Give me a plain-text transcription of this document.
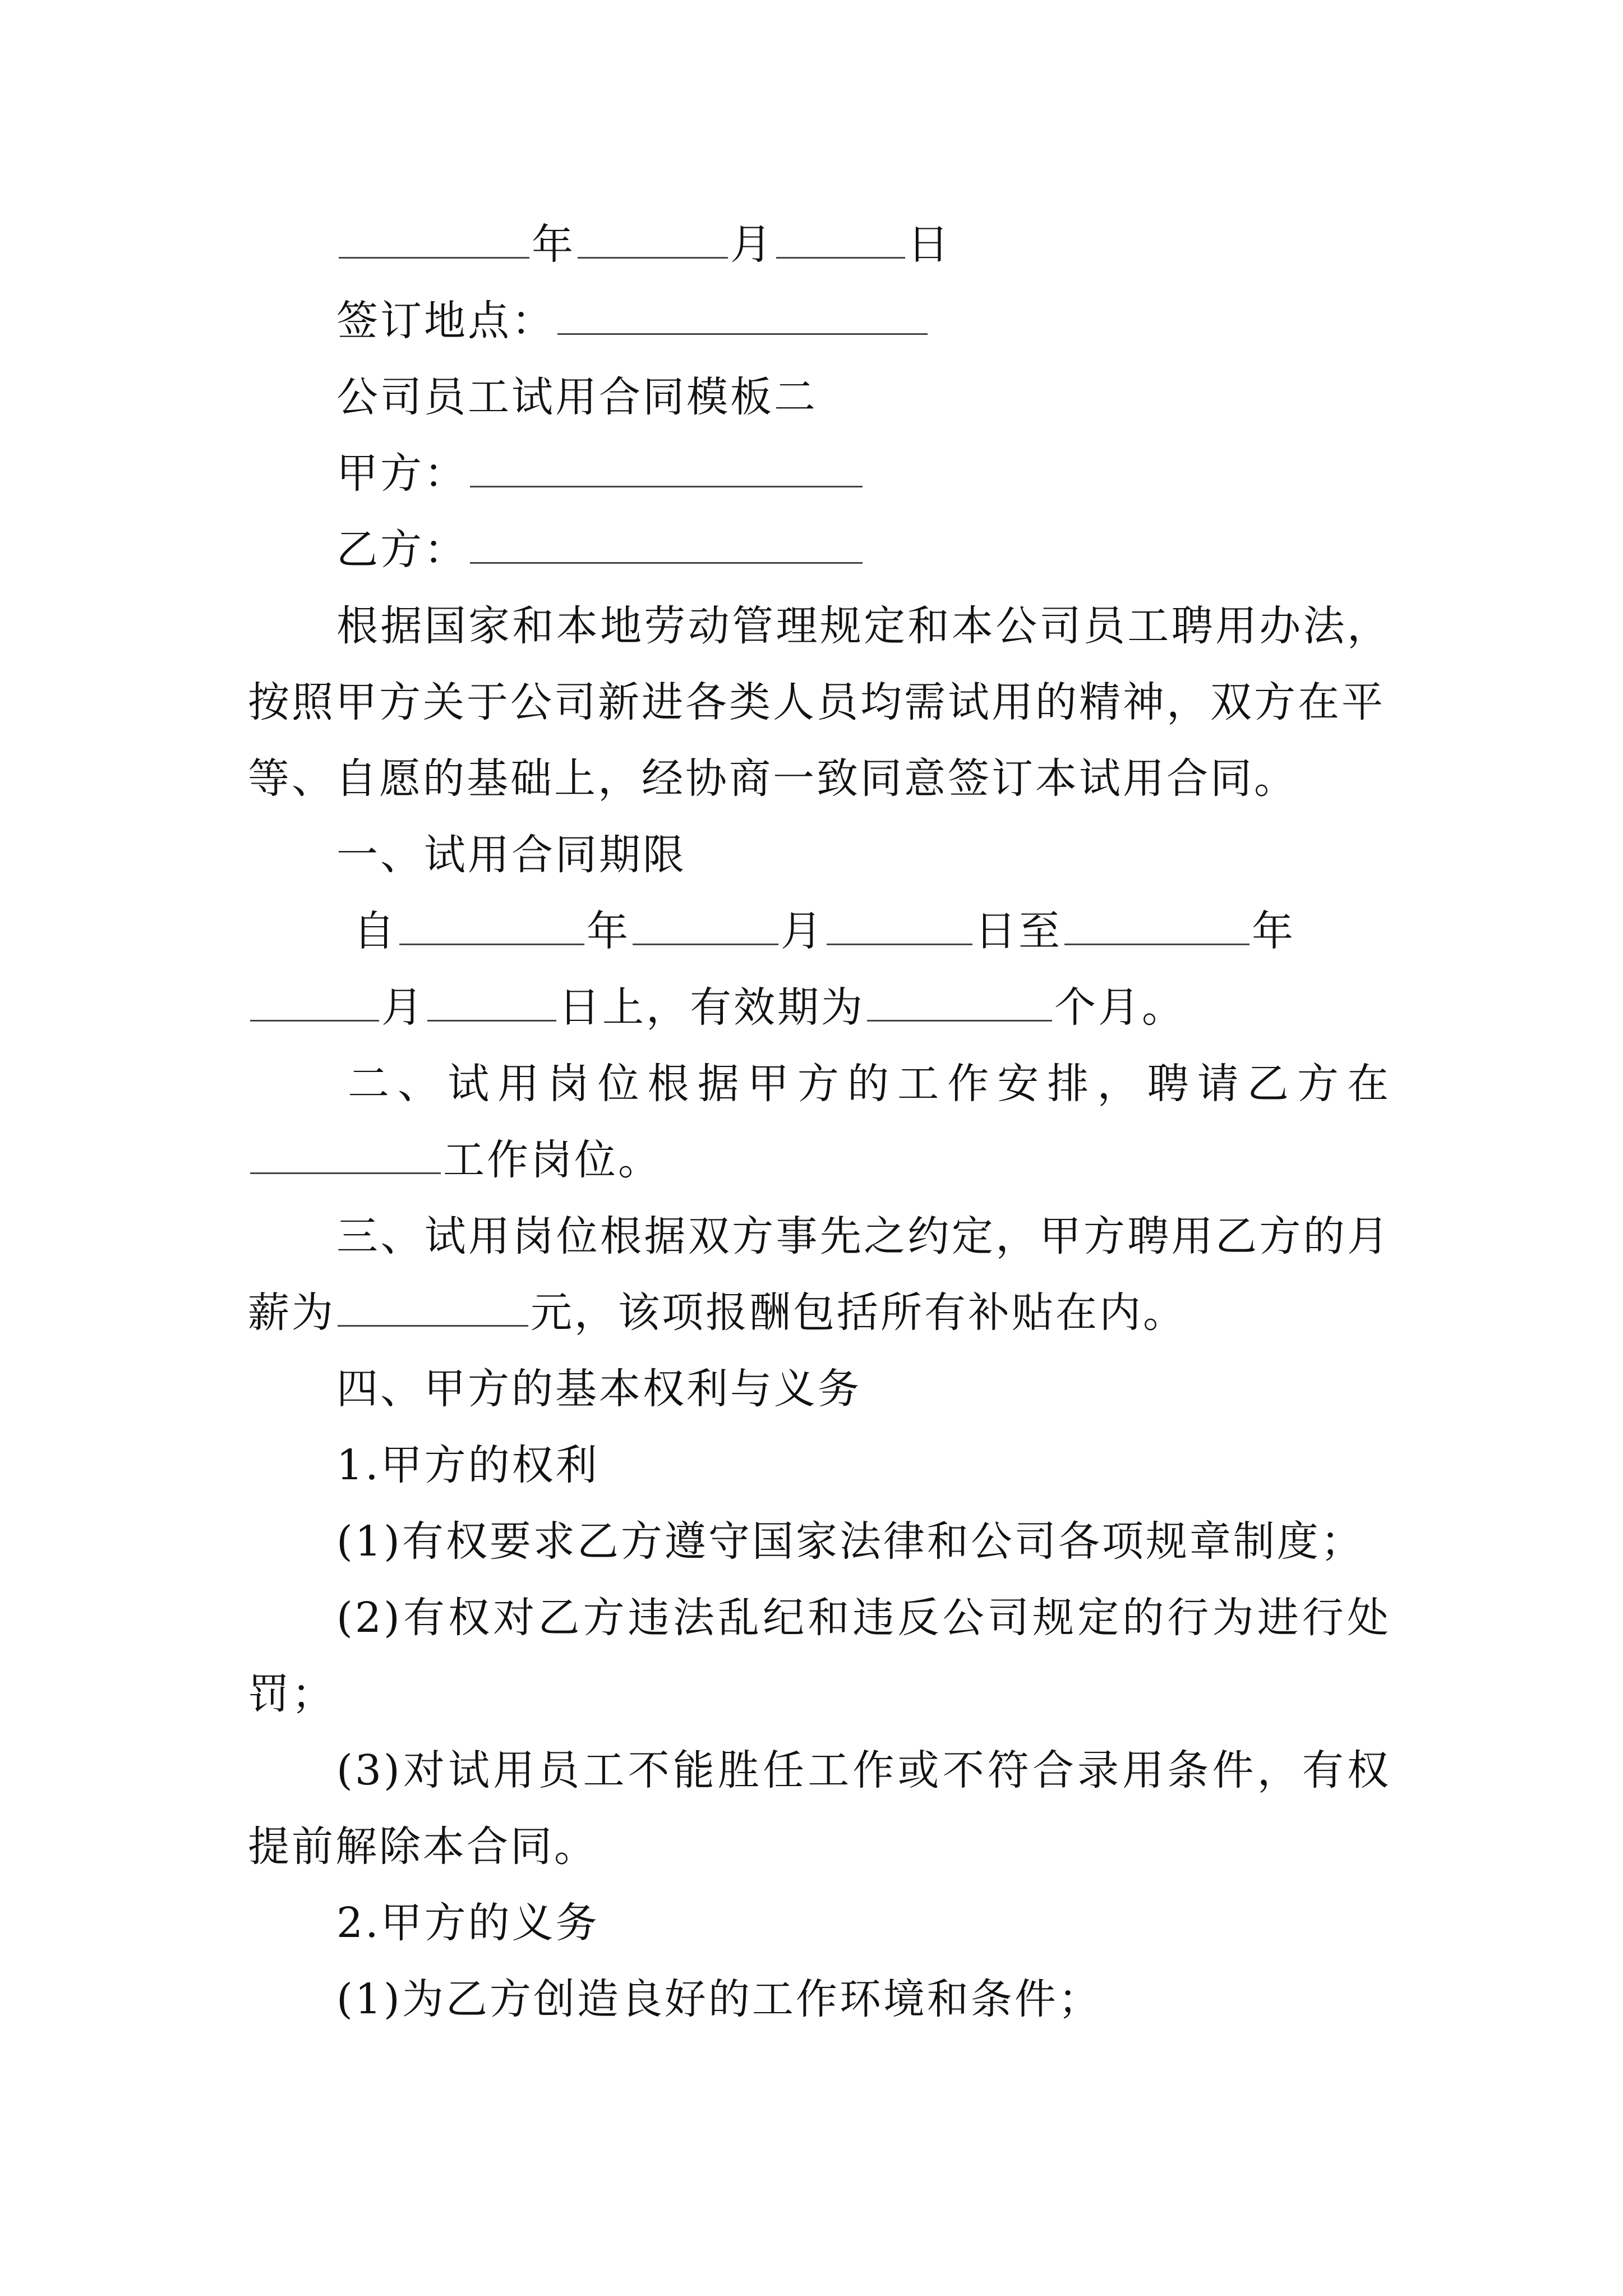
年	月	日
签订地点：
公司员工试用合同模板二
甲方：
乙方：
根据国家和本地劳动管理规定和本公司员工聘用办法，
按照甲方关于公司新进各类人员均需试用的精神，双方在平
等、自愿的基础上，经协商一致同意签订本试用合同。
一、试用合同期限
自	年	月	日至	年
月	日上，有效期为	个月。
二、试用岗位根据甲方的工作安排，聘请乙方在
工作岗位。
三、试用岗位根据双方事先之约定，甲方聘用乙方的月
薪为	元，该项报酬包括所有补贴在内。
四、甲方的基本权利与义务
1.甲方的权利
(1)有权要求乙方遵守国家法律和公司各项规章制度；
(2)有权对乙方违法乱纪和违反公司规定的行为进行处
罚；
(3)对试用员工不能胜任工作或不符合录用条件，有权
提前解除本合同。
2.甲方的义务
(1)为乙方创造良好的工作环境和条件；
